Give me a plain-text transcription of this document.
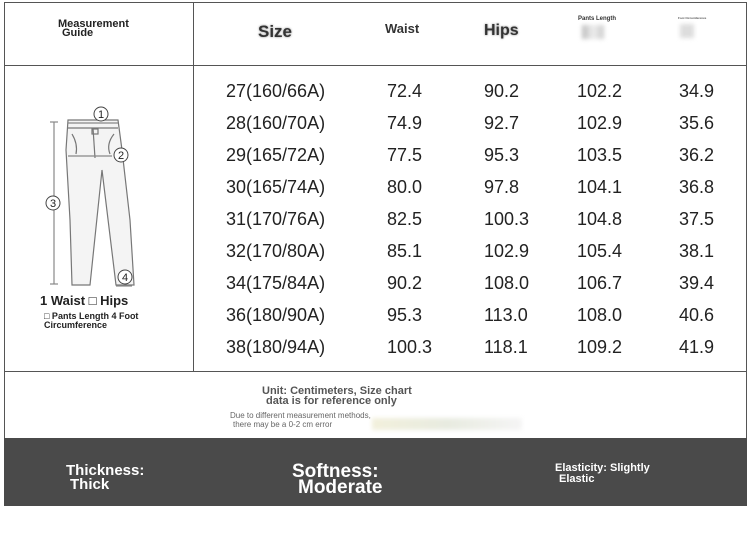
Measurement
Guide	Size	Waist	Hips
Pants Length	Foot Circumference
1
2
3
4
1 Waist □ Hips
□ Pants Length 4 Foot
Circumference
27(160/66A)	72.4	90.2	102.2	34.9
28(160/70A)	74.9	92.7	102.9	35.6
29(165/72A)	77.5	95.3	103.5	36.2
30(165/74A)	80.0	97.8	104.1	36.8
31(170/76A)	82.5	100.3	104.8	37.5
32(170/80A)	85.1	102.9	105.4	38.1
34(175/84A)	90.2	108.0	106.7	39.4
36(180/90A)	95.3	113.0	108.0	40.6
38(180/94A)	100.3	118.1	109.2	41.9
Unit: Centimeters, Size chart
data is for reference only
Due to different measurement methods,
there may be a 0-2 cm error
Thickness:
Thick
Softness:
Moderate
Elasticity: Slightly
Elastic
